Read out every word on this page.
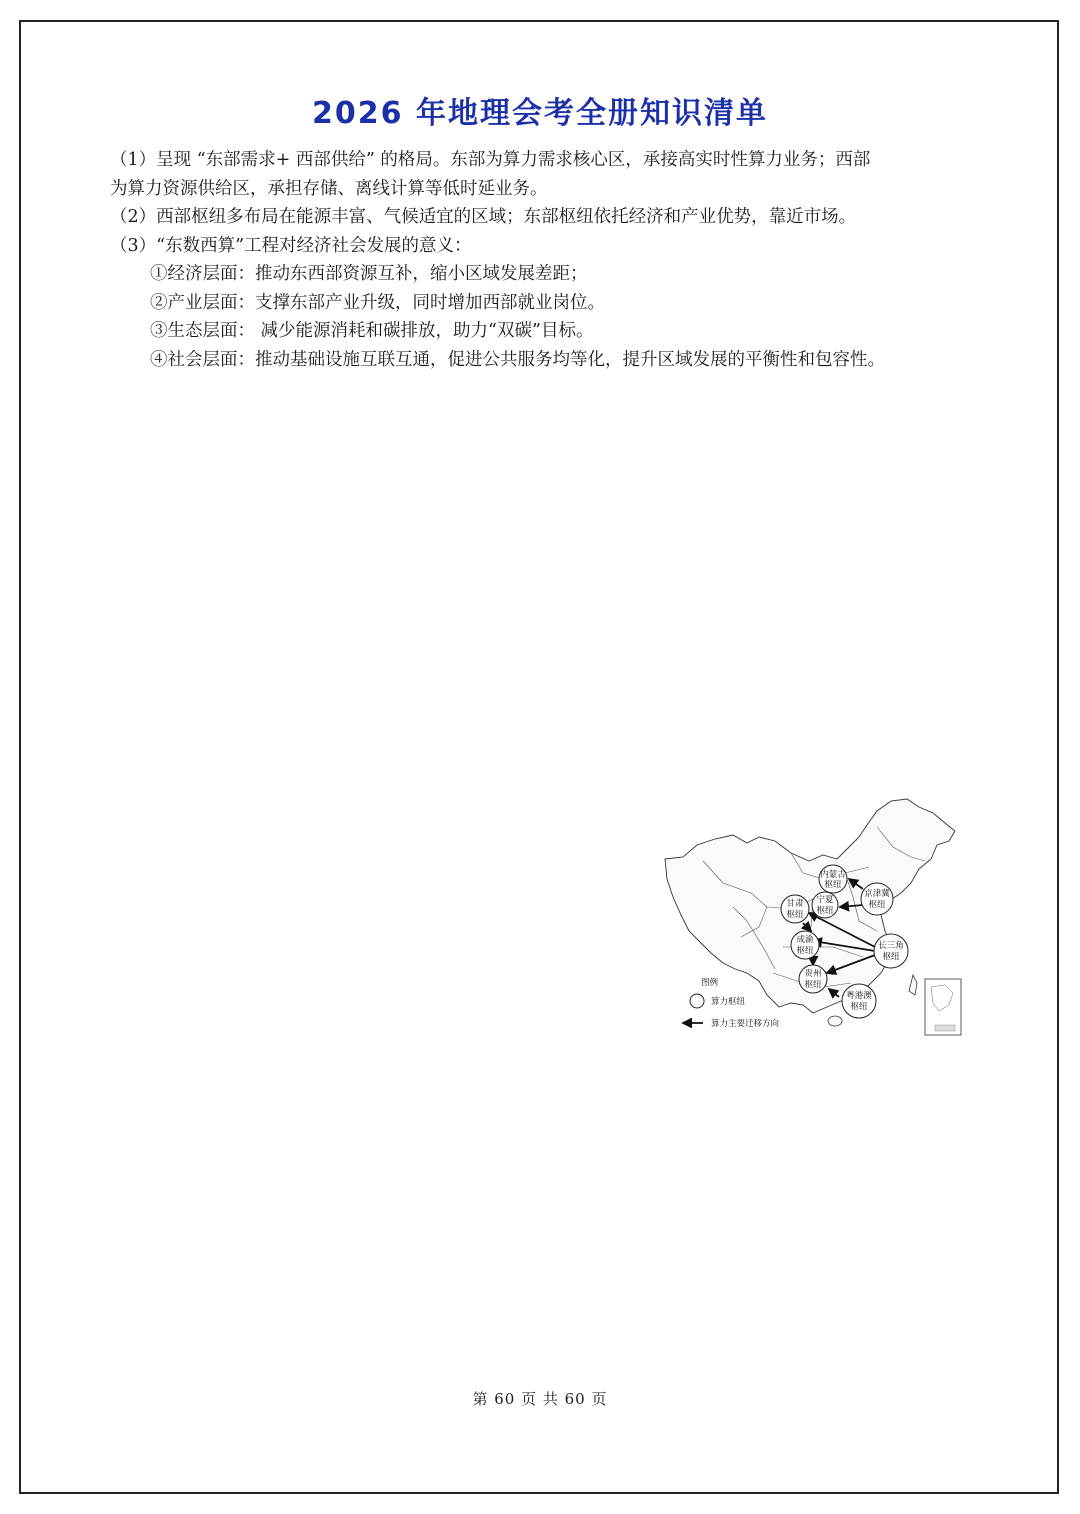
2026 年地理会考全册知识清单

（1）呈现 “东部需求+ 西部供给” 的格局。东部为算力需求核心区，承接高实时性算力业务；西部

为算力资源供给区，承担存储、离线计算等低时延业务。

（2）西部枢纽多布局在能源丰富、气候适宜的区域；东部枢纽依托经济和产业优势，靠近市场。

（3）“东数西算”工程对经济社会发展的意义：

①经济层面：推动东西部资源互补，缩小区域发展差距；

②产业层面：支撑东部产业升级，同时增加西部就业岗位。

③生态层面： 减少能源消耗和碳排放，助力“双碳”目标。

④社会层面：推动基础设施互联互通，促进公共服务均等化，提升区域发展的平衡性和包容性。

内蒙古
枢纽
京津冀
枢纽
甘肃
枢纽
宁夏
枢纽
成渝
枢纽	长三角
枢纽
贵州
枢纽
粤港澳
枢纽
图例
算力枢纽
算力主要迁移方向
第 60 页 共 60 页
